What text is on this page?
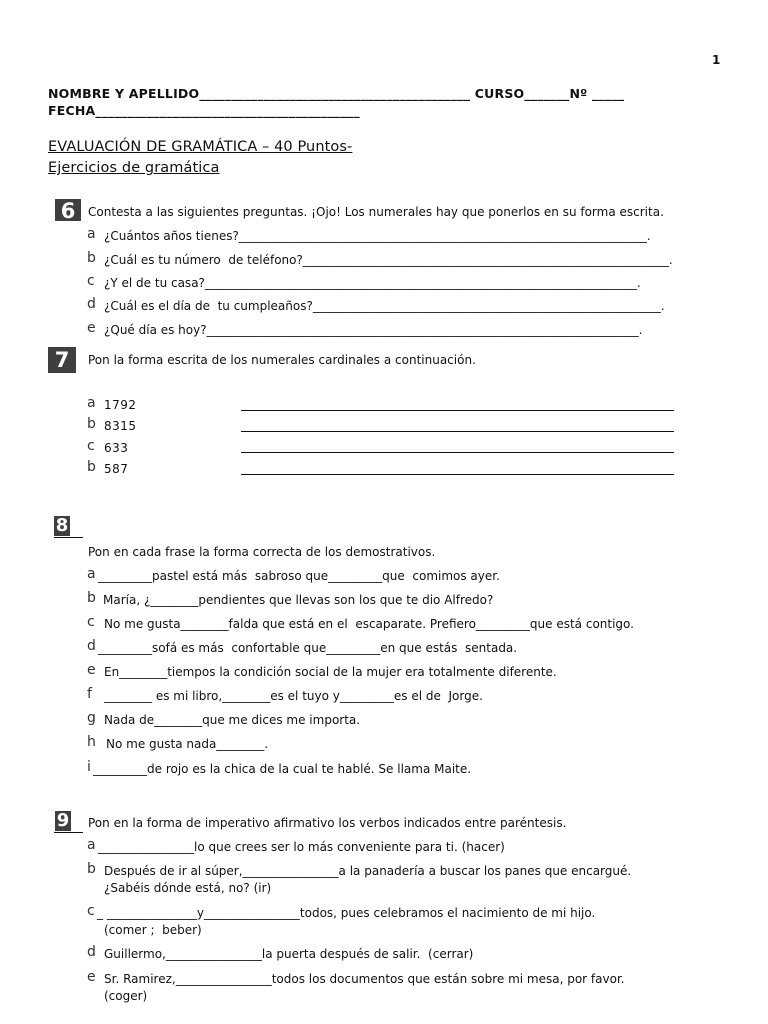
1
NOMBRE Y APELLIDO__________________________________________ CURSO_______Nº _____
FECHA_________________________________________
EVALUACIÓN DE GRAMÁTICA – 40 Puntos-
Ejercicios de gramática
6	Contesta a las siguientes preguntas. ¡Ojo! Los numerales hay que ponerlos en su forma escrita.
a ¿Cuántos años tienes?____________________________________________________________________.
b ¿Cuál es tu número  de teléfono?_____________________________________________________________.
c ¿Y el de tu casa?________________________________________________________________________.
d ¿Cuál es el día de  tu cumpleaños?__________________________________________________________.
e ¿Qué día es hoy?________________________________________________________________________.
7	Pon la forma escrita de los numerales cardinales a continuación.
a 1792
b 8315
c 633
b 587
8
Pon en cada frase la forma correcta de los demostrativos.
a _________pastel está más  sabroso que_________que  comimos ayer.
b María, ¿________pendientes que llevas son los que te dio Alfredo?
c No me gusta________falda que está en el  escaparate. Prefiero_________que está contigo.
d _________sofá es más  confortable que_________en que estás  sentada.
e En________tiempos la condición social de la mujer era totalmente diferente.
f ________ es mi libro,________es el tuyo y_________es el de  Jorge.
g Nada de________que me dices me importa.
h No me gusta nada________.
i _________de rojo es la chica de la cual te hablé. Se llama Maite.
9 Pon en la forma de imperativo afirmativo los verbos indicados entre paréntesis.
a ________________lo que crees ser lo más conveniente para ti. (hacer)
b Después de ir al súper,________________a la panadería a buscar los panes que encargué.
¿Sabéis dónde está, no? (ir)
c _ _______________y________________todos, pues celebramos el nacimiento de mi hijo.
(comer ;  beber)
d Guillermo,________________la puerta después de salir.  (cerrar)
e Sr. Ramirez,________________todos los documentos que están sobre mi mesa, por favor.
(coger)
